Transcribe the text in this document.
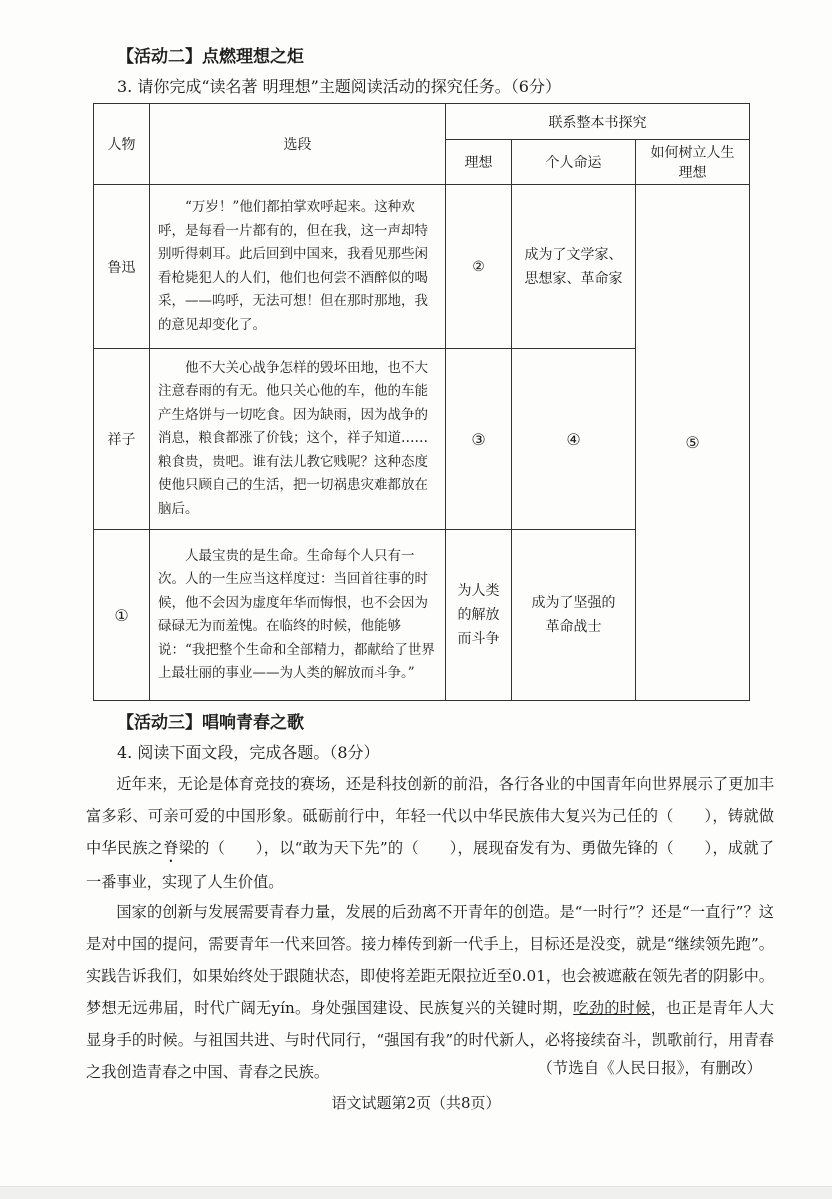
【活动二】点燃理想之炬
3. 请你完成“读名著 明理想”主题阅读活动的探究任务。（6分）
人物	选段	联系整本书探究		
		理想	个人命运	如何树立人生理想
鲁迅	“万岁！”他们都拍掌欢呼起来。这种欢呼，是每看一片都有的，但在我，这一声却特别听得刺耳。此后回到中国来，我看见那些闲看枪毙犯人的人们，他们也何尝不酒醉似的喝采，——呜呼，无法可想！但在那时那地，我的意见却变化了。	②	成为了文学家、思想家、革命家	⑤
祥子	他不大关心战争怎样的毁坏田地，也不大注意春雨的有无。他只关心他的车，他的车能产生烙饼与一切吃食。因为缺雨，因为战争的消息，粮食都涨了价钱；这个，祥子知道……粮食贵，贵吧。谁有法儿教它贱呢？这种态度使他只顾自己的生活，把一切祸患灾难都放在脑后。	③	④	
①	人最宝贵的是生命。生命每个人只有一次。人的一生应当这样度过：当回首往事的时候，他不会因为虚度年华而悔恨，也不会因为碌碌无为而羞愧。在临终的时候，他能够说：“我把整个生命和全部精力，都献给了世界上最壮丽的事业——为人类的解放而斗争。”	为人类的解放而斗争	成为了坚强的革命战士	
【活动三】唱响青春之歌
4. 阅读下面文段，完成各题。（8分）
近年来，无论是体育竞技的赛场，还是科技创新的前沿，各行各业的中国青年向世界展示了更加丰富多彩、可亲可爱的中国形象。砥砺前行中，年轻一代以中华民族伟大复兴为己任的（　　），铸就做中华民族之脊梁的（　　），以“敢为天下先”的（　　），展现奋发有为、勇做先锋的（　　），成就了一番事业，实现了人生价值。
国家的创新与发展需要青春力量，发展的后劲离不开青年的创造。是“一时行”？还是“一直行”？这是对中国的提问，需要青年一代来回答。接力棒传到新一代手上，目标还是没变，就是“继续领先跑”。实践告诉我们，如果始终处于跟随状态，即使将差距无限拉近至0.01，也会被遮蔽在领先者的阴影中。梦想无远弗届，时代广阔无yín。身处强国建设、民族复兴的关键时期，吃劲的时候，也正是青年人大显身手的时候。与祖国共进、与时代同行，“强国有我”的时代新人，必将接续奋斗，凯歌前行，用青春之我创造青春之中国、青春之民族。	（节选自《人民日报》，有删改）
语文试题第2页（共8页）
